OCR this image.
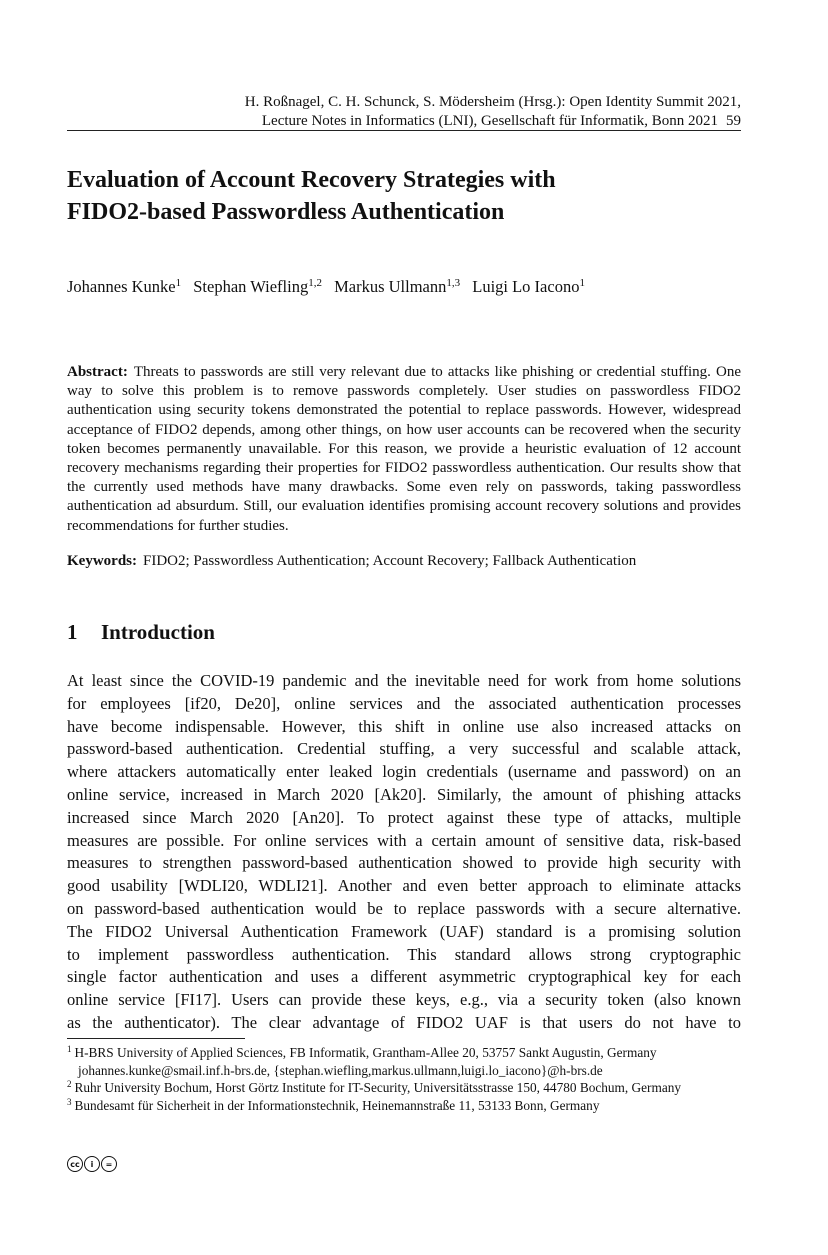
H. Roßnagel, C. H. Schunck, S. Mödersheim (Hrsg.): Open Identity Summit 2021,
Lecture Notes in Informatics (LNI), Gesellschaft für Informatik, Bonn 2021 59
Evaluation of Account Recovery Strategies with
FIDO2-based Passwordless Authentication
Johannes Kunke$^1$ Stephan Wiefling$^{1,2}$ Markus Ullmann$^{1,3}$ Luigi Lo Iacono$^1$
Abstract: Threats to passwords are still very relevant due to attacks like phishing or credential stuffing. One way to solve this problem is to remove passwords completely. User studies on passwordless FIDO2 authentication using security tokens demonstrated the potential to replace passwords. However, widespread acceptance of FIDO2 depends, among other things, on how user accounts can be recovered when the security token becomes permanently unavailable. For this reason, we provide a heuristic evaluation of 12 account recovery mechanisms regarding their properties for FIDO2 passwordless authentication. Our results show that the currently used methods have many drawbacks. Some even rely on passwords, taking passwordless authentication ad absurdum. Still, our evaluation identifies promising account recovery solutions and provides recommendations for further studies.
Keywords: FIDO2; Passwordless Authentication; Account Recovery; Fallback Authentication
1 Introduction
At least since the COVID-19 pandemic and the inevitable need for work from home solutions
for employees [if20, De20], online services and the associated authentication processes
have become indispensable. However, this shift in online use also increased attacks on
password-based authentication. Credential stuffing, a very successful and scalable attack,
where attackers automatically enter leaked login credentials (username and password) on an
online service, increased in March 2020 [Ak20]. Similarly, the amount of phishing attacks
increased since March 2020 [An20]. To protect against these type of attacks, multiple
measures are possible. For online services with a certain amount of sensitive data, risk-based
measures to strengthen password-based authentication showed to provide high security with
good usability [WDLI20, WDLI21]. Another and even better approach to eliminate attacks
on password-based authentication would be to replace passwords with a secure alternative.
The FIDO2 Universal Authentication Framework (UAF) standard is a promising solution
to implement passwordless authentication. This standard allows strong cryptographic
single factor authentication and uses a different asymmetric cryptographical key for each
online service [FI17]. Users can provide these keys, e.g., via a security token (also known
as the authenticator). The clear advantage of FIDO2 UAF is that users do not have to
$^1$ H-BRS University of Applied Sciences, FB Informatik, Grantham-Allee 20, 53757 Sankt Augustin, Germany
johannes.kunke@smail.inf.h-brs.de, {stephan.wiefling,markus.ullmann,luigi.lo_iacono}@h-brs.de
$^2$ Ruhr University Bochum, Horst Görtz Institute for IT-Security, Universitätsstrasse 150, 44780 Bochum, Germany
$^3$ Bundesamt für Sicherheit in der Informationstechnik, Heinemannstraße 11, 53133 Bonn, Germany
cc	i	=
